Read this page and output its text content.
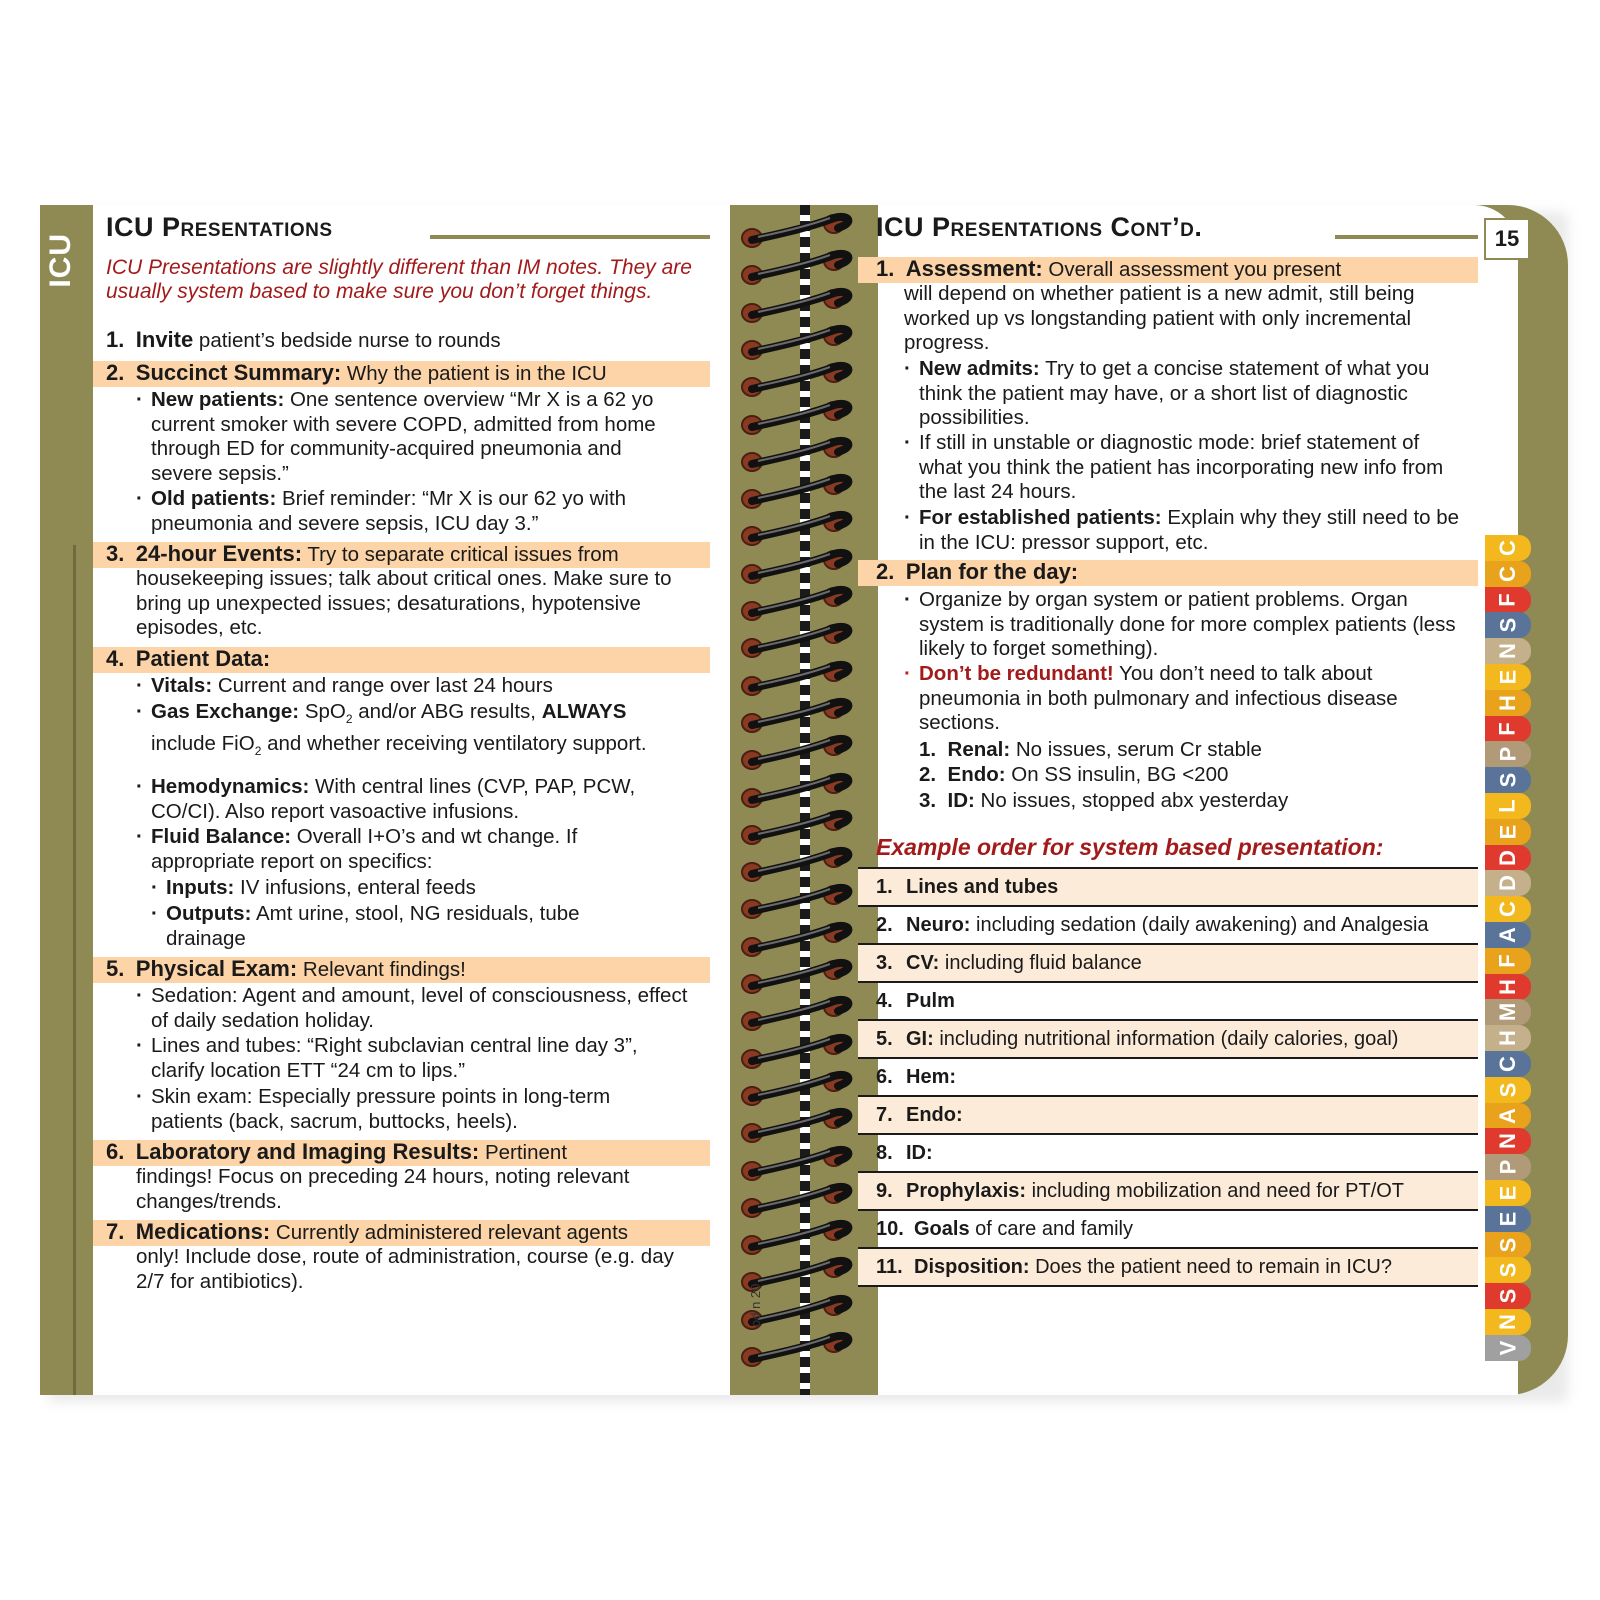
ICU
ICU Presentations
ICU Presentations are slightly different than IM notes. They are usually system based to make sure you don’t forget things.
1. Invite patient’s bedside nurse to rounds
2. Succinct Summary: Why the patient is in the ICU
· New patients: One sentence overview “Mr X is a 62 yo current smoker with severe COPD, admitted from home through ED for community-acquired pneumonia and severe sepsis.”
· Old patients: Brief reminder: “Mr X is our 62 yo with pneumonia and severe sepsis, ICU day 3.”
3. 24-hour Events: Try to separate critical issues from
housekeeping issues; talk about critical ones. Make sure to bring up unexpected issues; desaturations, hypotensive episodes, etc.
4. Patient Data:
· Vitals: Current and range over last 24 hours
· Gas Exchange: SpO$_2$ and/or ABG results, ALWAYS
include FiO$_2$ and whether receiving ventilatory support.
· Hemodynamics: With central lines (CVP, PAP, PCW, CO/CI). Also report vasoactive infusions.
· Fluid Balance: Overall I+O’s and wt change. If appropriate report on specifics:
· Inputs: IV infusions, enteral feeds
· Outputs: Amt urine, stool, NG residuals, tube drainage
5. Physical Exam: Relevant findings!
· Sedation: Agent and amount, level of consciousness, effect of daily sedation holiday.
· Lines and tubes: “Right subclavian central line day 3”, clarify location ETT “24 cm to lips.”
· Skin exam: Especially pressure points in long-term patients (back, sacrum, buttocks, heels).
6. Laboratory and Imaging Results: Pertinent
findings! Focus on preceding 24 hours, noting relevant changes/trends.
7. Medications: Currently administered relevant agents
only! Include dose, route of administration, course (e.g. day 2/7 for antibiotics).
od n 20
ICU Presentations Cont’d.	15
1. Assessment: Overall assessment you present
will depend on whether patient is a new admit, still being worked up vs longstanding patient with only incremental progress.
· New admits: Try to get a concise statement of what you think the patient may have, or a short list of diagnostic possibilities.
· If still in unstable or diagnostic mode: brief statement of what you think the patient has incorporating new info from the last 24 hours.
· For established patients: Explain why they still need to be in the ICU: pressor support, etc.
2. Plan for the day:
· Organize by organ system or patient problems. Organ system is traditionally done for more complex patients (less likely to forget something).
· Don’t be redundant! You don’t need to talk about pneumonia in both pulmonary and infectious disease sections.
1. Renal: No issues, serum Cr stable
2. Endo: On SS insulin, BG <200
3. ID: No issues, stopped abx yesterday
Example order for system based presentation:
1. Lines and tubes
2. Neuro: including sedation (daily awakening) and Analgesia
3. CV: including fluid balance
4. Pulm
5. GI: including nutritional information (daily calories, goal)
6. Hem:
7. Endo:
8. ID:
9. Prophylaxis: including mobilization and need for PT/OT
10. Goals of care and family
11. Disposition: Does the patient need to remain in ICU?
ICU
C
C
F
S
N
E
H
F
P
S
L
E
D
D
C
A
F
H
M
H
C
S
A
N
P
E
E
S
S
S
N
V
